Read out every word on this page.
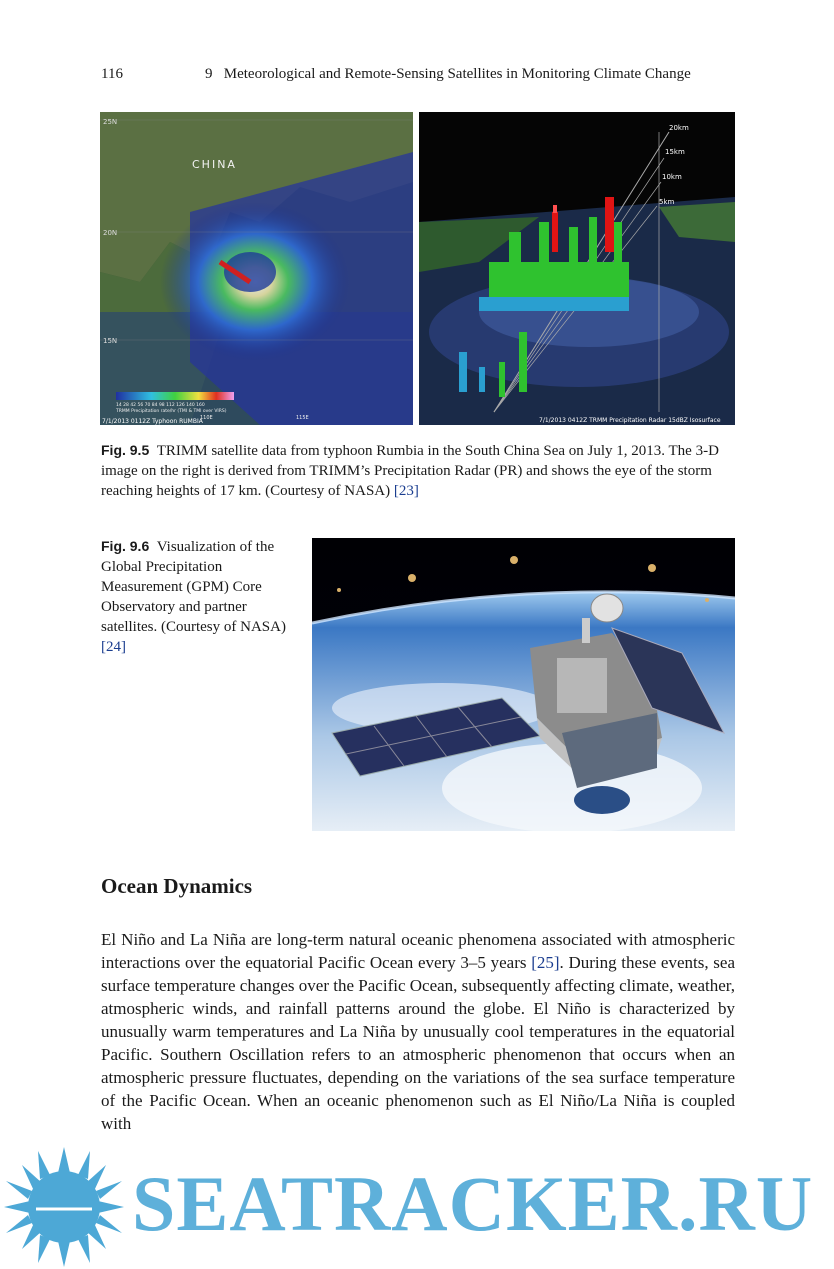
116	9   Meteorological and Remote-Sensing Satellites in Monitoring Climate Change
25N
20N
15N
CHINA
14 28 42 56 70 84 98 112 126 140 160
TRMM Precipitation rate/hr (TMI & TMI over VIRS)
110E	115E
7/1/2013 0112Z Typhoon RUMBIA
20km
15km
10km
5km
7/1/2013 0412Z TRMM Precipitation Radar 15dBZ Isosurface
Fig. 9.5 TRIMM satellite data from typhoon Rumbia in the South China Sea on July 1, 2013. The 3-D image on the right is derived from TRIMM’s Precipitation Radar (PR) and shows the eye of the storm reaching heights of 17 km. (Courtesy of NASA) [23]
Fig. 9.6 Visualization of the Global Precipitation Measurement (GPM) Core Observatory and partner satellites. (Courtesy of NASA) [24]
Ocean Dynamics

El Niño and La Niña are long-term natural oceanic phenomena associated with atmospheric interactions over the equatorial Pacific Ocean every 3–5 years [25]. During these events, sea surface temperature changes over the Pacific Ocean, subsequently affecting climate, weather, atmospheric winds, and rainfall patterns around the globe. El Niño is characterized by unusually warm temperatures and La Niña by unusually cool temperatures in the equatorial Pacific. Southern Oscillation refers to an atmospheric phenomenon that occurs when an atmospheric pressure fluctuates, depending on the variations of the sea surface temperature of the Pacific Ocean. When an oceanic phenomenon such as El Niño/La Niña is coupled with

SEATRACKER.RU
